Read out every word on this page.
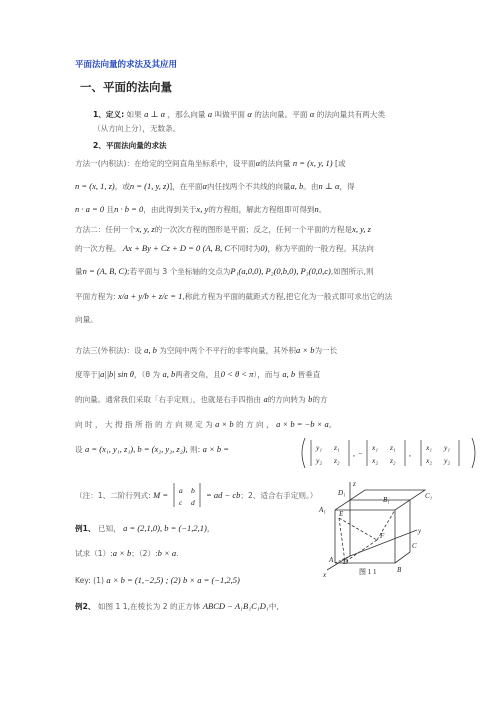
平面法向量的求法及其应用
一、平面的法向量
1、定义: 如果 a ⊥ α ，那么向量 a 叫做平面 α 的法向量。平面 α 的法向量共有两大类
（从方向上分），无数条。
2、平面法向量的求法
方法一(内积法)：在给定的空间直角坐标系中，设平面α的法向量 n = (x, y, 1) [或
n = (x, 1, z)，或n = (1, y, z)]，在平面α内任找两个不共线的向量a, b。由n ⊥ α，得
n · a = 0 且n · b = 0，由此得到关于x, y的方程组，解此方程组即可得到n。
方法二：任何一个x, y, z的一次次方程的图形是平面；反之，任何一个平面的方程是x, y, z
的一次方程。 Ax + By + Cz + D = 0 (A, B, C不同时为0)，称为平面的一般方程。其法向
量n = (A, B, C);若平面与 3 个坐标轴的交点为P₁(a,0,0), P₂(0,b,0), P₃(0,0,c),如图所示,则
平面方程为: x/a + y/b + z/c = 1,称此方程为平面的截距式方程,把它化为一般式即可求出它的法
向量。
方法三(外积法)：设 a, b 为空间中两个不平行的非零向量，其外积a × b为一长
度等于|a||b| sin θ，（θ 为 a, b两者交角，且0 < θ < π），而与 a, b 皆垂直
的向量。通常我们采取「右手定则」，也就是右手四指由 a的方向转为 b的方
向 时 ， 大 拇 指 所 指 的 方 向 规 定 为 a × b 的 方 向 ， a × b = −b × a。
设 a = (x₁, y₁, z₁), b = (x₂, y₂, z₂), 则: a × b =	, −	,
y₁ z₁
y₂ z₂
x₁ z₁
x₂ z₂
x₁ y₁
x₂ y₂
（注：1、二阶行列式: M = a b
c d
= ad − cb；2、适合右手定则。）
例1、 已知， a = (2,1,0), b = (−1,2,1)，
试求（1）:a × b；（2）:b × a.
Key: (1) a × b = (1,−2,5) ; (2) b × a = (−1,2,5)
例2、 如图 1 1,在棱长为 2 的正方体 ABCD − A₁B₁C₁D₁中,
z
D₁
B₁	C₁
A₁ E
F
y
C
D
A
B
x	图 1 1
